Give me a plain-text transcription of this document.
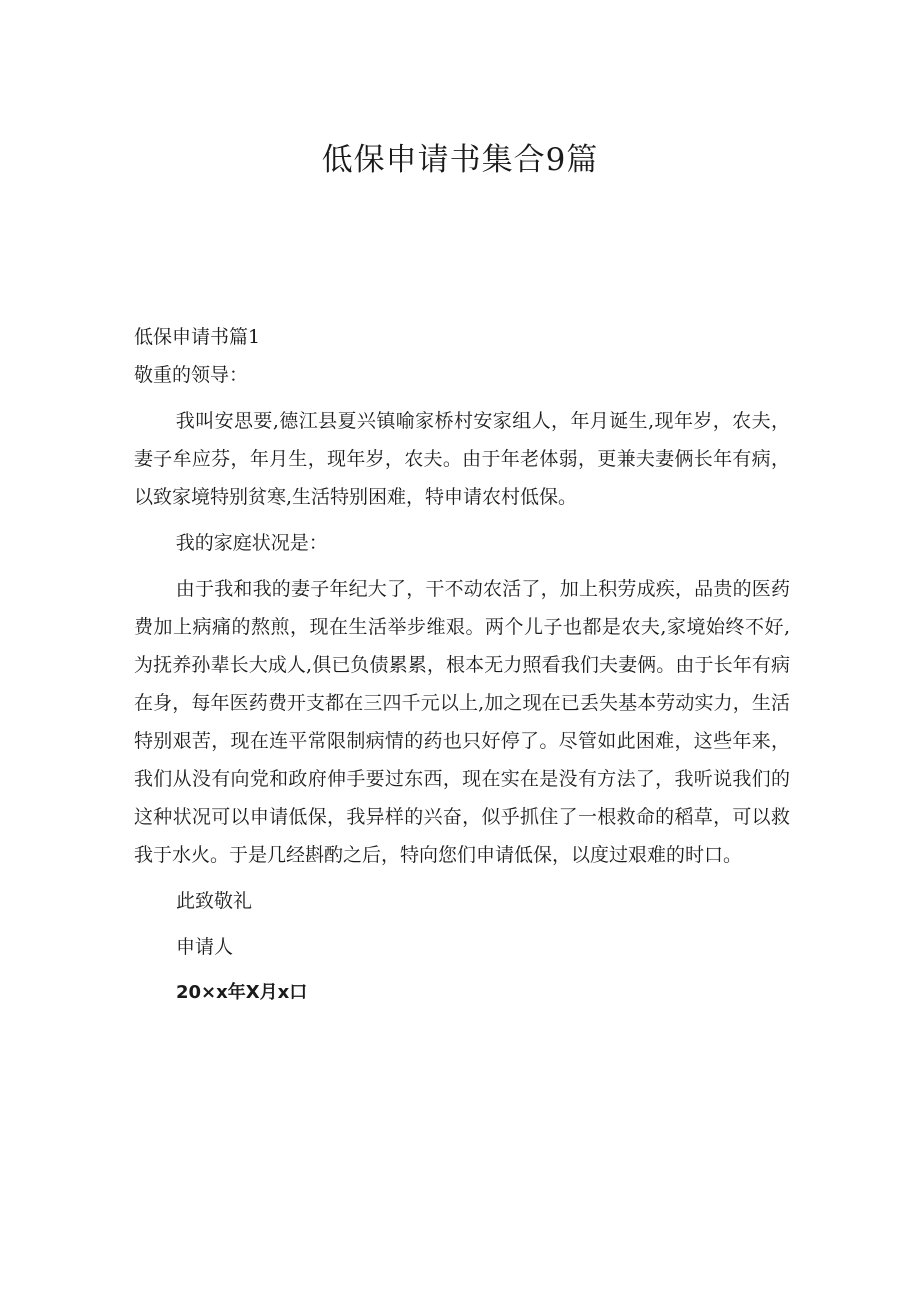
低保申请书集合9篇

低保申请书篇1

敬重的领导：

我叫安思要,德江县夏兴镇喻家桥村安家组人，年月诞生,现年岁，农夫，妻子牟应芬，年月生，现年岁，农夫。由于年老体弱，更兼夫妻俩长年有病，以致家境特别贫寒,生活特别困难，特申请农村低保。

我的家庭状况是：

由于我和我的妻子年纪大了，干不动农活了，加上积劳成疾，品贵的医药费加上病痛的熬煎，现在生活举步维艰。两个儿子也都是农夫,家境始终不好,为抚养孙辈长大成人,俱已负债累累，根本无力照看我们夫妻俩。由于长年有病在身，每年医药费开支都在三四千元以上,加之现在已丢失基本劳动实力，生活特别艰苦，现在连平常限制病情的药也只好停了。尽管如此困难，这些年来，我们从没有向党和政府伸手要过东西，现在实在是没有方法了，我听说我们的这种状况可以申请低保，我异样的兴奋，似乎抓住了一根救命的稻草，可以救我于水火。于是几经斟酌之后，特向您们申请低保，以度过艰难的时口。

此致敬礼

申请人

20×x年X月x口
